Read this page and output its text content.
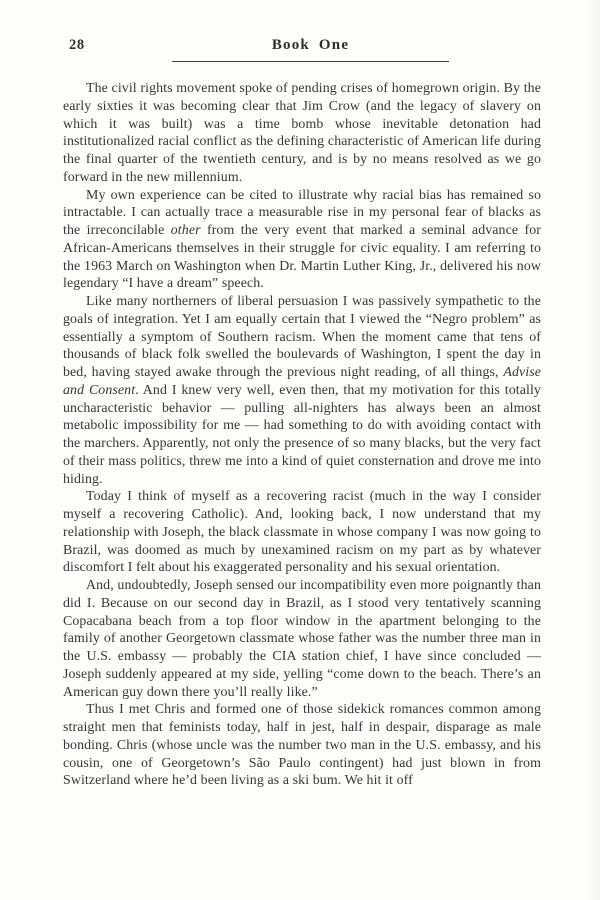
28	Book One

The civil rights movement spoke of pending crises of homegrown origin. By the early sixties it was becoming clear that Jim Crow (and the legacy of slavery on which it was built) was a time bomb whose inevitable detonation had institutionalized racial conflict as the defining characteristic of American life during the final quarter of the twentieth century, and is by no means resolved as we go forward in the new millennium.

My own experience can be cited to illustrate why racial bias has remained so intractable. I can actually trace a measurable rise in my personal fear of blacks as the irreconcilable other from the very event that marked a seminal advance for African-Americans themselves in their struggle for civic equality. I am referring to the 1963 March on Washington when Dr. Martin Luther King, Jr., delivered his now legendary “I have a dream” speech.

Like many northerners of liberal persuasion I was passively sympathetic to the goals of integration. Yet I am equally certain that I viewed the “Negro problem” as essentially a symptom of Southern racism. When the moment came that tens of thousands of black folk swelled the boulevards of Washington, I spent the day in bed, having stayed awake through the previous night reading, of all things, Advise and Consent. And I knew very well, even then, that my motivation for this totally uncharacteristic behavior — pulling all-nighters has always been an almost metabolic impossibility for me — had something to do with avoiding contact with the marchers. Apparently, not only the presence of so many blacks, but the very fact of their mass politics, threw me into a kind of quiet consternation and drove me into hiding.

Today I think of myself as a recovering racist (much in the way I consider myself a recovering Catholic). And, looking back, I now understand that my relationship with Joseph, the black classmate in whose company I was now going to Brazil, was doomed as much by unexamined racism on my part as by whatever discomfort I felt about his exaggerated personality and his sexual orientation.

And, undoubtedly, Joseph sensed our incompatibility even more poignantly than did I. Because on our second day in Brazil, as I stood very tentatively scanning Copacabana beach from a top floor window in the apartment belonging to the family of another Georgetown classmate whose father was the number three man in the U.S. embassy — probably the CIA station chief, I have since concluded — Joseph suddenly appeared at my side, yelling “come down to the beach. There’s an American guy down there you’ll really like.”

Thus I met Chris and formed one of those sidekick romances common among straight men that feminists today, half in jest, half in despair, disparage as male bonding. Chris (whose uncle was the number two man in the U.S. embassy, and his cousin, one of Georgetown’s São Paulo contingent) had just blown in from Switzerland where he’d been living as a ski bum. We hit it off
